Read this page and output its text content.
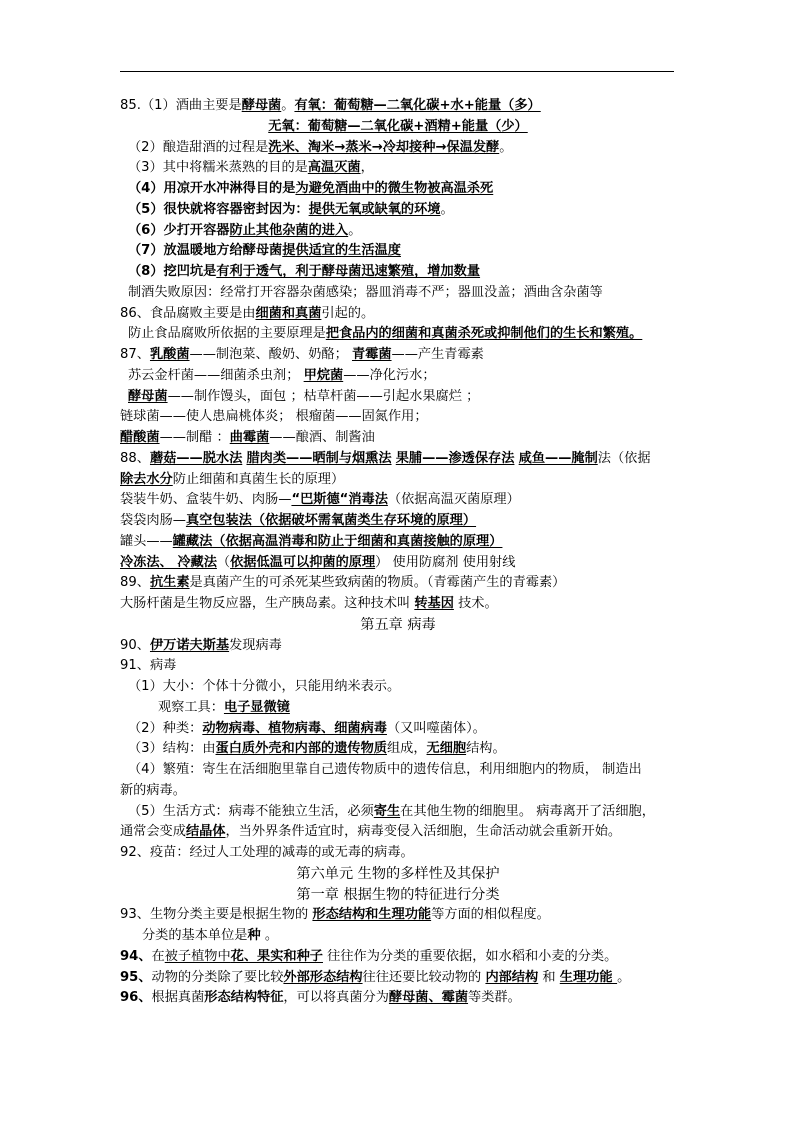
85.（1）酒曲主要是酵母菌。有氧：葡萄糖—二氧化碳+水+能量（多）
无氧：葡萄糖—二氧化碳+酒精+能量（少）
（2）酿造甜酒的过程是洗米、淘米→蒸米→冷却接种→保温发酵。
（3）其中将糯米蒸熟的目的是高温灭菌，
（4）用凉开水冲淋得目的是为避免酒曲中的微生物被高温杀死
（5）很快就将容器密封因为：提供无氧或缺氧的环境。
（6）少打开容器防止其他杂菌的进入。
（7）放温暖地方给酵母菌提供适宜的生活温度
（8）挖凹坑是有利于透气，利于酵母菌迅速繁殖，增加数量
制酒失败原因：经常打开容器杂菌感染；器皿消毒不严；器皿没盖；酒曲含杂菌等
86、食品腐败主要是由细菌和真菌引起的。
防止食品腐败所依据的主要原理是把食品内的细菌和真菌杀死或抑制他们的生长和繁殖。
87、乳酸菌——制泡菜、酸奶、奶酪； 青霉菌——产生青霉素
苏云金杆菌——细菌杀虫剂； 甲烷菌——净化污水；
酵母菌——制作馒头，面包 ；枯草杆菌——引起水果腐烂 ；
链球菌——使人患扁桃体炎； 根瘤菌——固氮作用；
醋酸菌——制醋 ：曲霉菌——酿酒、制酱油
88、蘑菇——脱水法 腊肉类——晒制与烟熏法 果脯——渗透保存法 咸鱼——腌制法（依据
除去水分防止细菌和真菌生长的原理）
袋装牛奶、盒装牛奶、肉肠—“巴斯德“消毒法（依据高温灭菌原理）
袋袋肉肠—真空包装法（依据破坏需氧菌类生存环境的原理）
罐头——罐藏法（依据高温消毒和防止于细菌和真菌接触的原理）
冷冻法、 冷藏法（依据低温可以抑菌的原理） 使用防腐剂 使用射线
89、抗生素是真菌产生的可杀死某些致病菌的物质。（青霉菌产生的青霉素）
大肠杆菌是生物反应器，生产胰岛素。这种技术叫 转基因 技术。
第五章 病毒
90、伊万诺夫斯基发现病毒
91、病毒
（1）大小：个体十分微小，只能用纳米表示。
观察工具：电子显微镜
（2）种类：动物病毒、植物病毒、细菌病毒（又叫噬菌体）。
（3）结构：由蛋白质外壳和内部的遗传物质组成，无细胞结构。
（4）繁殖：寄生在活细胞里靠自己遗传物质中的遗传信息，利用细胞内的物质， 制造出
新的病毒。
（5）生活方式：病毒不能独立生活，必须寄生在其他生物的细胞里。 病毒离开了活细胞，
通常会变成结晶体，当外界条件适宜时，病毒变侵入活细胞，生命活动就会重新开始。
92、疫苗：经过人工处理的减毒的或无毒的病毒。
第六单元 生物的多样性及其保护
第一章 根据生物的特征进行分类
93、生物分类主要是根据生物的 形态结构和生理功能等方面的相似程度。
分类的基本单位是种 。
94、在被子植物中花、果实和种子 往往作为分类的重要依据，如水稻和小麦的分类。
95、动物的分类除了要比较外部形态结构往往还要比较动物的 内部结构 和 生理功能 。
96、根据真菌形态结构特征，可以将真菌分为酵母菌、霉菌等类群。
